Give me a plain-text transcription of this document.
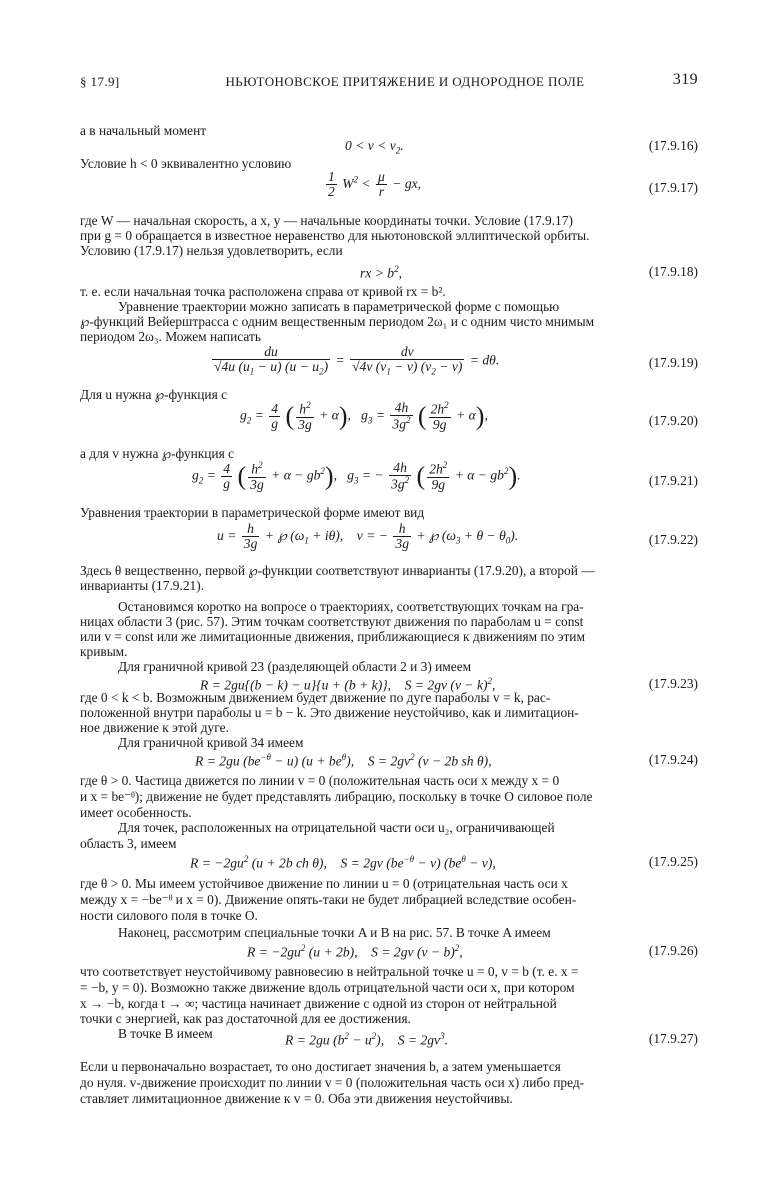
§ 17.9]	НЬЮТОНОВСКОЕ ПРИТЯЖЕНИЕ И ОДНОРОДНОЕ ПОЛЕ	319
а в начальный момент
$0 < v < v_2$.	(17.9.16)
Условие h < 0 эквивалентно условию
$\frac{1}{2} W^2 < \frac{\mu}{r}$ − gx,	(17.9.17)
где W — начальная скорость, а x, y — начальные координаты точки. Условие (17.9.17)
при g = 0 обращается в известное неравенство для ньютоновской эллиптической орбиты.
Условию (17.9.17) нельзя удовлетворить, если
rx > $b^2$,	(17.9.18)
т. е. если начальная точка расположена справа от кривой rx = b².
Уравнение траектории можно записать в параметрической форме с помощью
℘-функций Вейерштрасса с одним вещественным периодом 2ω₁ и с одним чисто мнимым
периодом 2ω₃. Можем написать
$\frac{du}{√4u (u_1 - u) (u - u_2)} = \frac{dv}{√4v (v_1 - v) (v_2 - v)} = d\theta$.	(17.9.19)
Для u нужна ℘-функция с
$g_2 = \frac{4}{g}$ ( $\frac{h^2}{3g} + \alpha$),   $g_3 = \frac{4h}{3g^2}$ ( $\frac{2h^2}{9g} + \alpha$),	(17.9.20)
а для v нужна ℘-функция с
$g_2 = \frac{4}{g}$ ( $\frac{h^2}{3g} + \alpha - gb^2$),   $g_3$ = − $\frac{4h}{3g^2}$ ( $\frac{2h^2}{9g} + \alpha - gb^2$).	(17.9.21)
Уравнения траектории в параметрической форме имеют вид
$u = \frac{h}{3g}$ + ℘ $(\omega_1 + i\theta)$,    v = − $\frac{h}{3g}$ + ℘ $(\omega_3 + \theta - \theta_0)$.	(17.9.22)
Здесь θ вещественно, первой ℘-функции соответствуют инварианты (17.9.20), а второй —
инварианты (17.9.21).
Остановимся коротко на вопросе о траекториях, соответствующих точкам на гра-
ницах области 3 (рис. 57). Этим точкам соответствуют движения по параболам u = const
или v = const или же лимитационные движения, приближающиеся к движениям по этим
кривым.
Для граничной кривой 23 (разделяющей области 2 и 3) имеем
R = 2gu{(b − k) − u}{u + (b + k)},    S = 2gv $(v - k)^2$,	(17.9.23)
где 0 < k < b. Возможным движением будет движение по дуге параболы v = k, рас-
положенной внутри параболы u = b − k. Это движение неустойчиво, как и лимитацион-
ное движение к этой дуге.
Для граничной кривой 34 имеем
R = 2gu $(be^{-\theta} - u) (u + be^\theta)$,    $S = 2gv^2$ (v − 2b sh θ),	(17.9.24)
где θ > 0. Частица движется по линии v = 0 (положительная часть оси x между x = 0
и x = be⁻ᶿ); движение не будет представлять либрацию, поскольку в точке O силовое поле
имеет особенность.
Для точек, расположенных на отрицательной части оси u₂, ограничивающей
область 3, имеем
$R = -2gu^2$ (u + 2b ch θ),    S = 2gv $(be^{-\theta} - v) (be^\theta - v)$,	(17.9.25)
где θ > 0. Мы имеем устойчивое движение по линии u = 0 (отрицательная часть оси x
между x = −be⁻ᶿ и x = 0). Движение опять-таки не будет либрацией вследствие особен-
ности силового поля в точке O.
Наконец, рассмотрим специальные точки A и B на рис. 57. В точке A имеем
$R = -2gu^2$ (u + 2b),    S = 2gv $(v - b)^2$,	(17.9.26)
что соответствует неустойчивому равновесию в нейтральной точке u = 0, v = b (т. е. x =
= −b, y = 0). Возможно также движение вдоль отрицательной части оси x, при котором
x → −b, когда t → ∞; частица начинает движение с одной из сторон от нейтральной
точки с энергией, как раз достаточной для ее достижения.
В точке B имеем	R = 2gu $(b^2 - u^2)$,    $S = 2gv^3$.	(17.9.27)
Если u первоначально возрастает, то оно достигает значения b, а затем уменьшается
до нуля. v-движение происходит по линии v = 0 (положительная часть оси x) либо пред-
ставляет лимитационное движение к v = 0. Оба эти движения неустойчивы.
